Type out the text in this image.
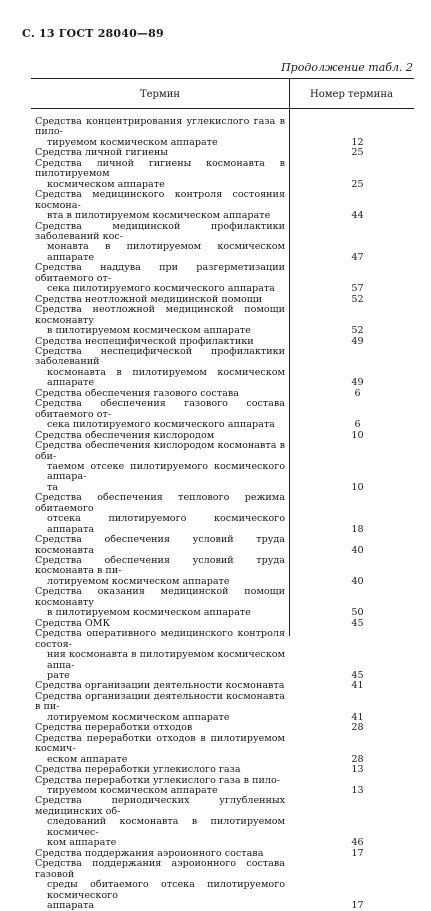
С. 13 ГОСТ 28040—89
Продолжение табл. 2
Термин	Номер термина
Средства концентрирования углекислого газа в пило-
тируемом космическом аппарате	12
Средства личной гигиены	25
Средства личной гигиены космонавта в пилотируемом
космическом аппарате	25
Средства медицинского контроля состояния космона-
вта в пилотируемом космическом аппарате	44
Средства медицинской профилактики заболеваний кос-
монавта в пилотируемом космическом аппарате	47
Средства наддува при разгерметизации обитаемого от-
сека пилотируемого космического аппарата	57
Средства неотложной медицинской помощи	52
Средства неотложной медицинской помощи космонавту
в пилотируемом космическом аппарате	52
Средства неспецифической профилактики	49
Средства неспецифической профилактики заболеваний
космонавта в пилотируемом космическом аппарате	49
Средства обеспечения газового состава	6
Средства обеспечения газового состава обитаемого от-
сека пилотируемого космического аппарата	6
Средства обеспечения кислородом	10
Средства обеспечения кислородом космонавта в оби-
таемом отсеке пилотируемого космического аппара-
та	10
Средства обеспечения теплового режима обитаемого
отсека пилотируемого космического аппарата	18
Средства обеспечения условий труда космонавта	40
Средства обеспечения условий труда космонавта в пи-
лотируемом космическом аппарате	40
Средства оказания медицинской помощи космонавту
в пилотируемом космическом аппарате	50
Средства ОМК	45
Средства оперативного медицинского контроля состоя-
ния космонавта в пилотируемом космическом аппа-
рате	45
Средства организации деятельности космонавта	41
Средства организации деятельности космонавта в пи-
лотируемом космическом аппарате	41
Средства переработки отходов	28
Средства переработки отходов в пилотируемом космич-
еском аппарате	28
Средства переработки углекислого газа	13
Средства переработки углекислого газа в пило-
тируемом космическом аппарате	13
Средства периодических углубленных медицинских об-
следований космонавта в пилотируемом космичес-
ком аппарате	46
Средства поддержания аэроионного состава	17
Средства поддержания аэроионного состава газовой
среды обитаемого отсека пилотируемого космического
аппарата	17
